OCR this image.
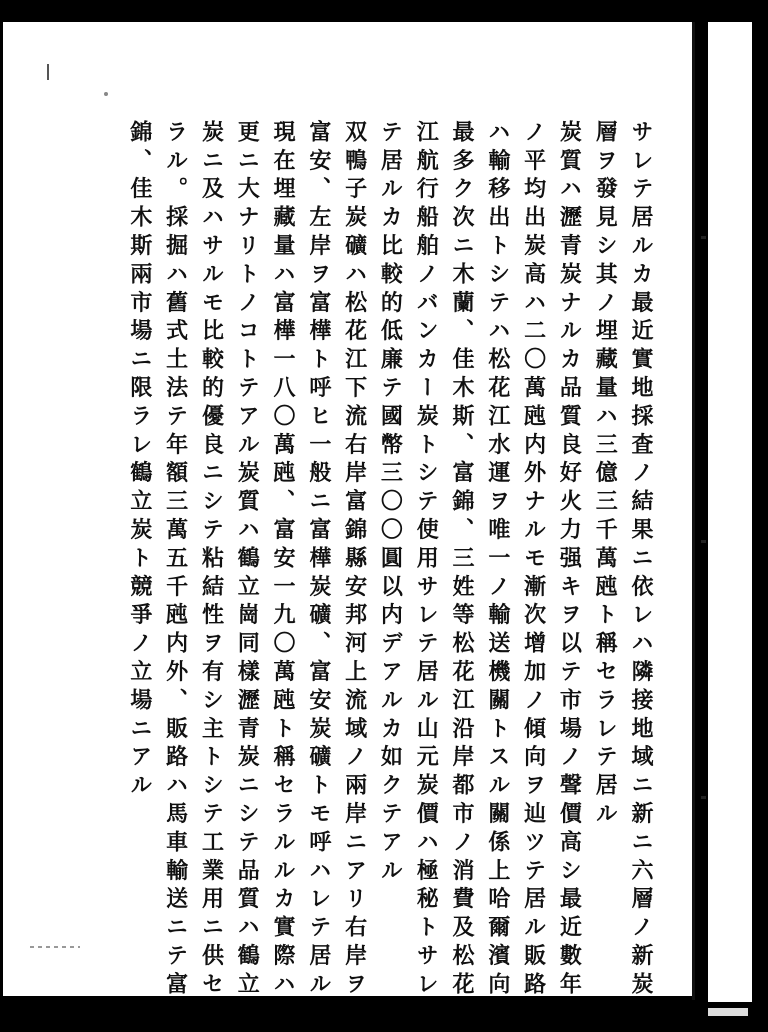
サレテ居ルカ最近實地採査ノ結果ニ依レハ隣接地域ニ新ニ六層ノ新炭
層ヲ發見シ其ノ埋藏量ハ三億三千萬瓲ト稱セラレテ居ル
炭質ハ瀝青炭ナルカ品質良好火力强キヲ以テ市場ノ聲價高シ最近數年
ノ平均出炭高ハ二〇萬瓲内外ナルモ漸次增加ノ傾向ヲ辿ツテ居ル販路
ハ輸移出トシテハ松花江水運ヲ唯一ノ輸送機關トスル關係上哈爾濱向
最多ク次ニ木蘭、佳木斯、富錦、三姓等松花江沿岸都市ノ消費及松花
江航行船舶ノバンカー炭トシテ使用サレテ居ル山元炭價ハ極秘トサレ
テ居ルカ比較的低廉テ國幣三〇〇圓以内デアルカ如クテアル
双鴨子炭礦ハ松花江下流右岸富錦縣安邦河上流域ノ兩岸ニアリ右岸ヲ
富安、左岸ヲ富樺ト呼ヒ一般ニ富樺炭礦、富安炭礦トモ呼ハレテ居ル
現在埋藏量ハ富樺一八〇萬瓲、富安一九〇萬瓲ト稱セラルルカ實際ハ
更ニ大ナリトノコトテアル炭質ハ鶴立崗同樣瀝青炭ニシテ品質ハ鶴立
炭ニ及ハサルモ比較的優良ニシテ粘結性ヲ有シ主トシテ工業用ニ供セ
ラル。採掘ハ舊式土法テ年額三萬五千瓲内外、販路ハ馬車輸送ニテ富
錦、佳木斯兩市場ニ限ラレ鶴立炭ト競爭ノ立場ニアル
